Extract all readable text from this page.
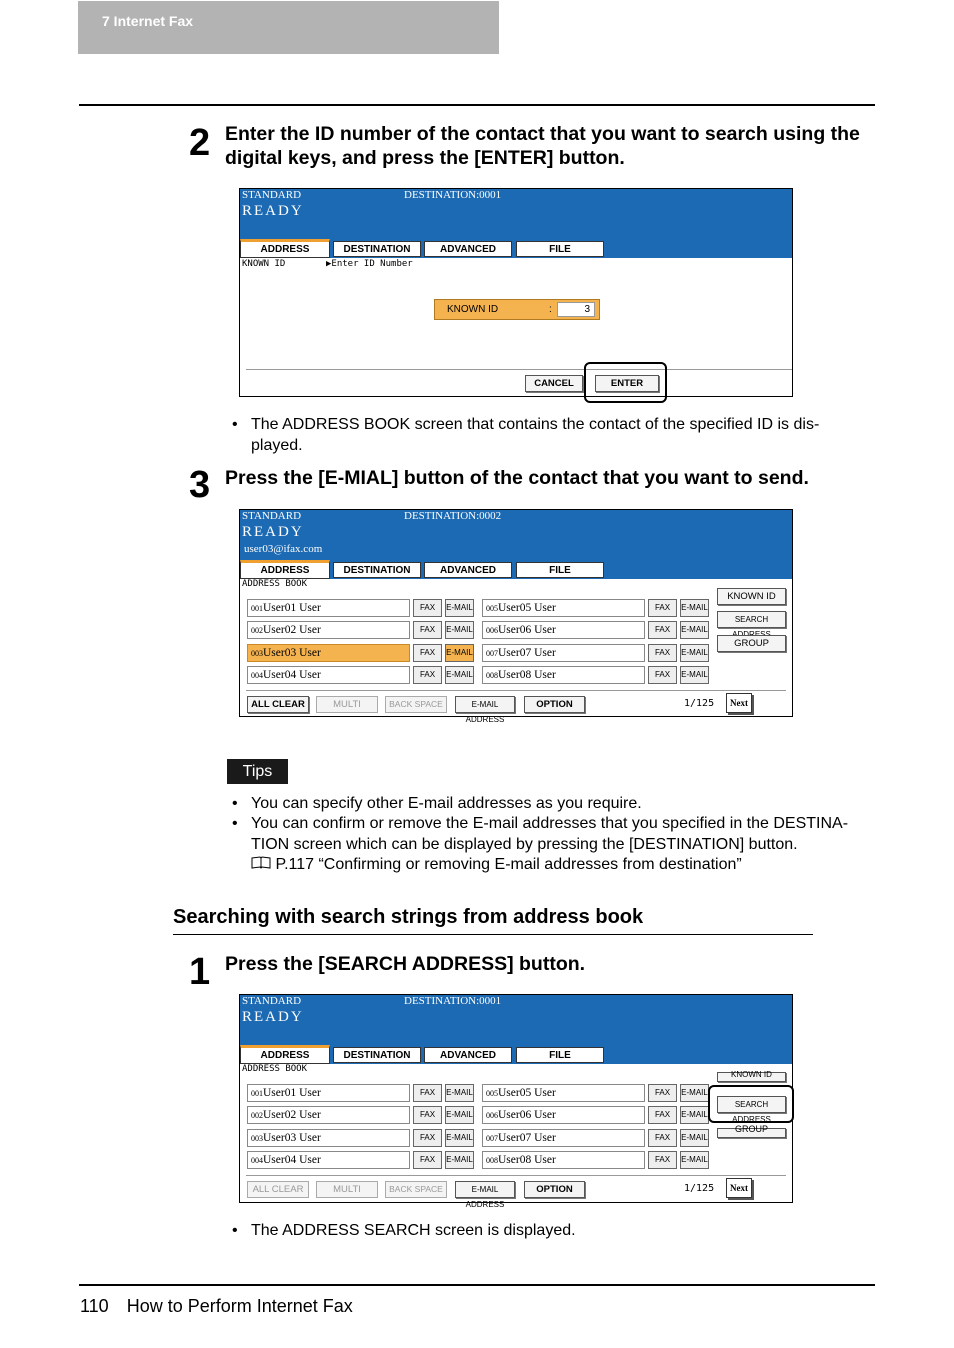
7 Internet Fax
2 Enter the ID number of the contact that you want to search using the digital keys, and press the [ENTER] button.
STANDARD	DESTINATION:0001
READY
ADDRESS	DESTINATION	ADVANCED	FILE
KNOWN ID	▶Enter ID Number
KNOWN ID	:	3
CANCEL	ENTER
• The ADDRESS BOOK screen that contains the contact of the specified ID is dis-played.
3 Press the [E-MIAL] button of the contact that you want to send.
STANDARD	DESTINATION:0002
READY
user03@ifax.com
ADDRESS	DESTINATION	ADVANCED	FILE
ADDRESS BOOK
KNOWN ID
SEARCH
GROUP
ALL CLEAR	MULTI	BACK SPACE	E-MAIL ADDRESS
OPTION	1/125	Next
001User01 User	FAX	E-MAIL
002User02 User	FAX	E-MAIL
003User03 User	FAX	E-MAIL
004User04 User	FAX	E-MAIL
005User05 User	FAX	E-MAIL
006User06 User	FAX	E-MAIL
007User07 User	FAX	E-MAIL
008User08 User	FAX	E-MAIL
Tips
• You can specify other E-mail addresses as you require.
• You can confirm or remove the E-mail addresses that you specified in the DESTINA-TION screen which can be displayed by pressing the [DESTINATION] button.
P.117 “Confirming or removing E-mail addresses from destination”
Searching with search strings from address book
1 Press the [SEARCH ADDRESS] button.
STANDARD	DESTINATION:0001
READY
ADDRESS	DESTINATION	ADVANCED	FILE
ADDRESS BOOK
KNOWN ID
SEARCH ADDRESS
GROUP
ALL CLEAR	MULTI	BACK SPACE	E-MAIL ADDRESS
OPTION	1/125	Next
001User01 User	FAX	E-MAIL
002User02 User	FAX	E-MAIL
003User03 User	FAX	E-MAIL
004User04 User	FAX	E-MAIL
005User05 User	FAX	E-MAIL
006User06 User	FAX	E-MAIL
007User07 User	FAX	E-MAIL
008User08 User	FAX	E-MAIL
• The ADDRESS SEARCH screen is displayed.
110 How to Perform Internet Fax
